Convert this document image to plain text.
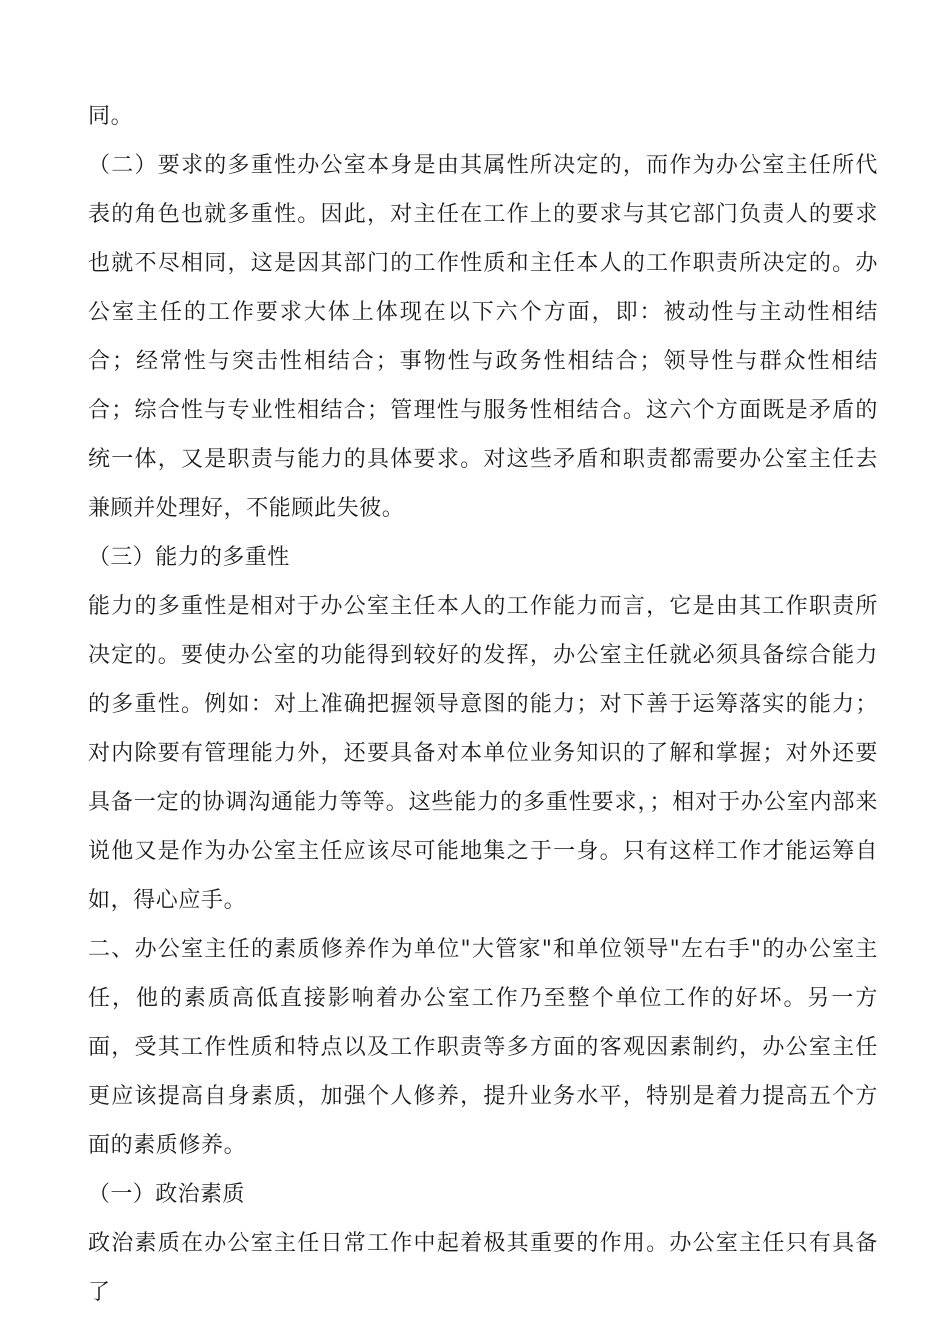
同。

（二）要求的多重性办公室本身是由其属性所决定的，而作为办公室主任所代表的角色也就多重性。因此，对主任在工作上的要求与其它部门负责人的要求也就不尽相同，这是因其部门的工作性质和主任本人的工作职责所决定的。办公室主任的工作要求大体上体现在以下六个方面，即：被动性与主动性相结合；经常性与突击性相结合；事物性与政务性相结合；领导性与群众性相结合；综合性与专业性相结合；管理性与服务性相结合。这六个方面既是矛盾的统一体，又是职责与能力的具体要求。对这些矛盾和职责都需要办公室主任去兼顾并处理好，不能顾此失彼。

（三）能力的多重性

能力的多重性是相对于办公室主任本人的工作能力而言，它是由其工作职责所决定的。要使办公室的功能得到较好的发挥，办公室主任就必须具备综合能力的多重性。例如：对上准确把握领导意图的能力；对下善于运筹落实的能力；对内除要有管理能力外，还要具备对本单位业务知识的了解和掌握；对外还要具备一定的协调沟通能力等等。这些能力的多重性要求，；相对于办公室内部来说他又是作为办公室主任应该尽可能地集之于一身。只有这样工作才能运筹自如，得心应手。

二、办公室主任的素质修养作为单位"大管家"和单位领导"左右手"的办公室主任，他的素质高低直接影响着办公室工作乃至整个单位工作的好坏。另一方面，受其工作性质和特点以及工作职责等多方面的客观因素制约，办公室主任更应该提高自身素质，加强个人修养，提升业务水平，特别是着力提高五个方面的素质修养。

（一）政治素质

政治素质在办公室主任日常工作中起着极其重要的作用。办公室主任只有具备了
